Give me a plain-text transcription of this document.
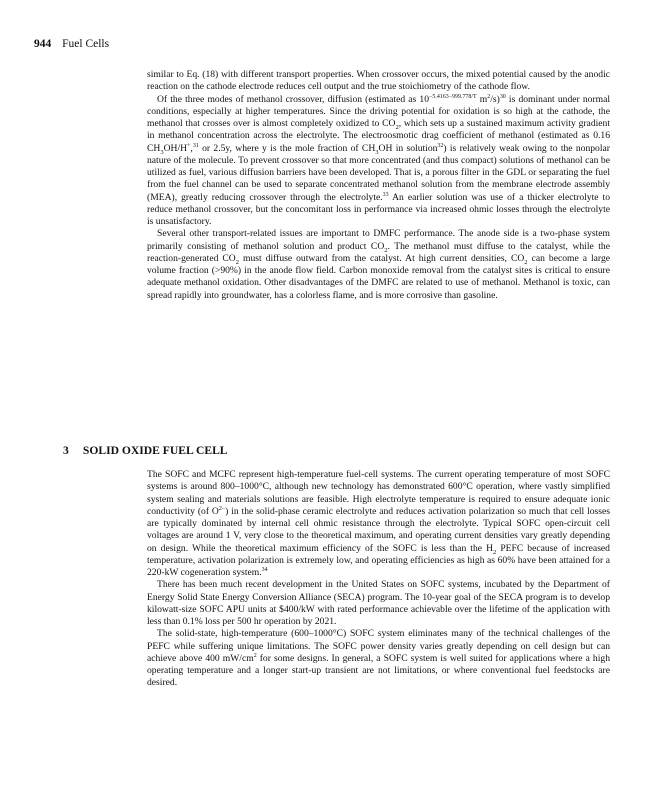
944 Fuel Cells

similar to Eq. (18) with different transport properties. When crossover occurs, the mixed potential caused by the anodic reaction on the cathode electrode reduces cell output and the true stoichiometry of the cathode flow.

Of the three modes of methanol crossover, diffusion (estimated as $10^{-5.4163-999.778/T}$ $m^2/s)^{30}$ is dominant under normal conditions, especially at higher temperatures. Since the driving potential for oxidation is so high at the cathode, the methanol that crosses over is almost completely oxidized to $CO_2$, which sets up a sustained maximum activity gradient in methanol concentration across the electrolyte. The electroosmotic drag coefficient of methanol (estimated as 0.16 $CH_3OH/H^+,^{31}$ or 2.5y, where y is the mole fraction of $CH_3OH$ in solution$^{32}$) is relatively weak owing to the nonpolar nature of the molecule. To prevent crossover so that more concentrated (and thus compact) solutions of methanol can be utilized as fuel, various diffusion barriers have been developed. That is, a porous filter in the GDL or separating the fuel from the fuel channel can be used to separate concentrated methanol solution from the membrane electrode assembly (MEA), greatly reducing crossover through the electrolyte.$^{33}$ An earlier solution was use of a thicker electrolyte to reduce methanol crossover, but the concomitant loss in performance via increased ohmic losses through the electrolyte is unsatisfactory.

Several other transport-related issues are important to DMFC performance. The anode side is a two-phase system primarily consisting of methanol solution and product $CO_2$. The methanol must diffuse to the catalyst, while the reaction-generated $CO_2$ must diffuse outward from the catalyst. At high current densities, $CO_2$ can become a large volume fraction (>90%) in the anode flow field. Carbon monoxide removal from the catalyst sites is critical to ensure adequate methanol oxidation. Other disadvantages of the DMFC are related to use of methanol. Methanol is toxic, can spread rapidly into groundwater, has a colorless flame, and is more corrosive than gasoline.

3 SOLID OXIDE FUEL CELL

The SOFC and MCFC represent high-temperature fuel-cell systems. The current operating temperature of most SOFC systems is around 800–1000°C, although new technology has demonstrated 600°C operation, where vastly simplified system sealing and materials solutions are feasible. High electrolyte temperature is required to ensure adequate ionic conductivity (of $O^{2-}$) in the solid-phase ceramic electrolyte and reduces activation polarization so much that cell losses are typically dominated by internal cell ohmic resistance through the electrolyte. Typical SOFC open-circuit cell voltages are around 1 V, very close to the theoretical maximum, and operating current densities vary greatly depending on design. While the theoretical maximum efficiency of the SOFC is less than the $H_2$ PEFC because of increased temperature, activation polarization is extremely low, and operating efficiencies as high as 60% have been attained for a 220-kW cogeneration system.$^{34}$

There has been much recent development in the United States on SOFC systems, incubated by the Department of Energy Solid State Energy Conversion Alliance (SECA) program. The 10-year goal of the SECA program is to develop kilowatt-size SOFC APU units at $400/kW with rated performance achievable over the lifetime of the application with less than 0.1% loss per 500 hr operation by 2021.

The solid-state, high-temperature (600–1000°C) SOFC system eliminates many of the technical challenges of the PEFC while suffering unique limitations. The SOFC power density varies greatly depending on cell design but can achieve above 400 $mW/cm^2$ for some designs. In general, a SOFC system is well suited for applications where a high operating temperature and a longer start-up transient are not limitations, or where conventional fuel feedstocks are desired.
